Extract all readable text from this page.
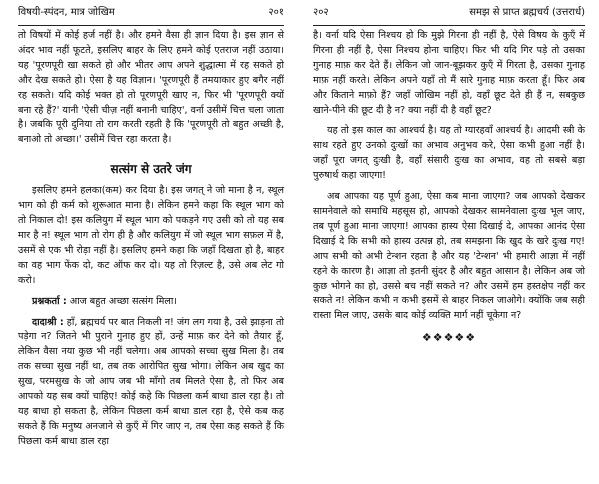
विषयी-स्पंदन, मात्र जोखिम	२०१

तो विषयों में कोई हर्ज नहीं है। और हमने वैसा ही ज्ञान दिया है। इस ज्ञान से अंदर भाव नहीं फूटते, इसलिए बाहर के लिए हमने कोई एतराज नहीं उठाया। यह 'पूरणपूरी खा सकते हो और भीतर आप अपने शुद्धात्मा में रह सकते हो और देख सकते हो। ऐसा है यह विज्ञान। 'पूरणपूरी हैं तमयाकार हुए बगैर नहीं रह सकते। यदि कोई भक्त हो तो पूरणपूरी खाए न, फिर भी 'पूरणपूरी क्यों बना रहे हैं?' यानी 'ऐसी चीज़ नहीं बनानी चाहिए', वर्ना उसीमें चित्त चला जाता है। जबकि पूरी दुनिया तो राग करती रहती है कि 'पूरणपूरी तो बहुत अच्छी है, बनाओ तो अच्छा।' उसीमें चित्त रहा करता है।

सत्संग से उतरे जंग

इसलिए हमने हलका(कम) कर दिया है। इस जगत् ने जो माना है न, स्थूल भाग को ही कर्म को शुरूआत माना है। लेकिन हमने कहा कि स्थूल भाग को तो निकाल दो! इस कलियुग में स्थूल भाग को पकड़ने गए उसी को तो यह सब मार है न! स्थूल भाग तो रोग ही है और कलियुग में जो स्थूल भाग सफ़ल में है, उसमें से एक भी रोड़ा नहीं है। इसलिए हमने कहा कि जहाँ दिखता हो है, बाहर का वह भाग फेंक दो, कट ऑफ कर दो। यह तो रिज़ल्ट है, उसे अब लेट गो करो।

प्रश्नकर्ता : आज बहुत अच्छा सत्संग मिला।

दादाश्री : हाँ, ब्रह्मचर्य पर बात निकली न! जंग लग गया है, उसे झाड़ना तो पड़ेगा न? जितने भी पुराने गुनाह हुए हों, उन्हें माफ़ कर देने को तैयार हूँ, लेकिन वैसा नया कुछ भी नहीं चलेगा। अब आपको सच्चा सुख मिला है। तब तक सच्चा सुख नहीं था, तब तक आरोपित सुख भोगा। लेकिन अब खुद का सुख, परमसुख के जो आप जब भी माँगो तब मिलते ऐसा है, तो फिर अब आपको यह सब क्यों चाहिए! कोई कहे कि पिछला कर्म बाधा डाल रहा है। तो यह बाधा हो सकता है, लेकिन पिछला कर्म बाधा डाल रहा है, ऐसे कब कह सकते हैं कि मनुष्य अनजाने से कुएँ में गिर जाए न, तब ऐसा कह सकते हैं कि पिछला कर्म बाधा डाल रहा

२०२	समझ से प्राप्त ब्रह्मचर्य (उत्तरार्ध)

है। वर्ना यदि ऐसा निश्चय हो कि मुझे गिरना ही नहीं है, ऐसे विषय के कुएँ में गिरना ही नहीं है, ऐसा निश्चय होना चाहिए। फिर भी यदि गिर पड़े तो उसका गुनाह माफ़ कर देते हैं। लेकिन जो जान-बूझकर कुएँ में गिरता है, उसका गुनाह माफ़ नहीं करते। लेकिन अपने यहाँ तो मैं सारे गुनाह माफ़ करता हूँ। फिर अब और किताने माफ़ो हैं? जहाँ जोखिम नहीं हो, वहाँ छूट देते ही हैं न, सबकुछ खाने-पीने की छूट दी है न? क्या नहीं दी है वहाँ छूट?

यह तो इस काल का आश्चर्य है। यह तो ग्यारहवाँ आश्चर्य है। आदमी स्त्री के साथ रहते हुए उनको दुःखों का अभाव अनुभव करे, ऐसा कभी हुआ नहीं है। जहाँ पूरा जगत् दुःखी है, वहाँ संसारी दुःख का अभाव, वह तो सबसे बड़ा पुरुषार्थ कहा जाएगा!

अब आपका यह पूर्ण हुआ, ऐसा कब माना जाएगा? जब आपको देखकर सामनेवाले को समाधि महसूस हो, आपको देखकर सामनेवाला दुःख भूल जाए, तब पूर्ण हुआ माना जाएगा! आपका हास्य ऐसा दिखाई दे, आपका आनंद ऐसा दिखाई दे कि सभी को हास्य उत्पन्न हो, तब समझना कि खुद के खरे दुःख गए! आप सभी को अभी टेन्शन रहता है और यह 'टेन्शन' भी हमारी आज्ञा में नहीं रहने के कारण है। आज्ञा तो इतनी सुंदर है और बहुत आसान है। लेकिन अब जो कुछ भोगने का हो, उससे बच नहीं सकते न? और उसमें हम हस्तक्षेप नहीं कर सकते न! लेकिन कभी न कभी इसमें से बाहर निकल जाओगे। क्योंकि जब सही रास्ता मिल जाए, उसके बाद कोई व्यक्ति मार्ग नहीं चूकेगा न?

❖❖❖❖❖
